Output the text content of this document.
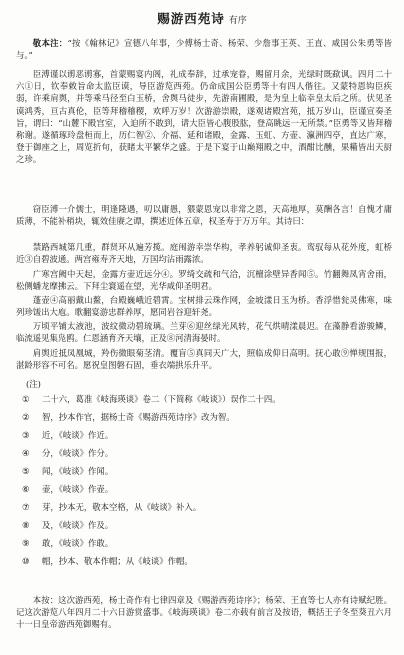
赐游西苑诗 有序

敬本注：“按《翰林记》宣德八年事，少傅杨士奇、杨荣、少詹事王英、王直、咸国公朱勇等皆与。”

臣溥谨以谫恶谫寡，首蒙赐宴内阁，礼成奉辞，过承宠眷，赐留月余，光绿时既歃讽。四月二十六①日，钦奉敕旨命太监臣谟，导臣游览西苑。仍命成国公臣勇等十有四人偕往。又蒙特恩钩臣疾弱，许乘肩舆，并等乘马径至白玉桥，舍舆马徒步，先游南圃殿，是为皇上临幸皇太后之所。伏见圣谟鸿秀，亘古真伦，臣等拜稽稽稷，欢呼万岁！次游游崇殿，遂观诸殿宫苑，抵万岁山，臣谨宣奏圣旨，谓曰：“山麓下殿宫室，入迫所不敢到，请大臣皆心腹股肱，登高眺远一无所禁。”臣勇等又皆拜稽称谢。遂循琢玲盘桓而上，历仁智②、介福、延和诸殿，金露、玉虹、方壶、瀛洲四亭，直达广寒，登于御座之上，周览折旬，获睹太平繁华之盛。于是下宴于山巅翔殿之中，酒酣比醺，果糒皆出天厨之珍。

窃臣溥一介儒士，明逢隆遇，叨以庸愚，猥蒙恩宠以非常之恩，天高地厚，莫酬各言！自愧才庸质薄，不能补稍块，辄效佳赓之谭，撰述近体五章，权圣寿于万万年。其诗曰：

禁路西城第几重，群贤环从遍芳揽。庭闱游幸崇华构，孝养躬诚仰圣衷。鸾驭每从花外度，虹桥近③自碧波通。两宫雍寿齐天地，万国均沾雨露浓。

广寒宫阙中天起，金露方壶近远分④。罗绮交疏和气洽，沉檀涂壁异香闻⑤。竹翻舞凤宵舍雨，松侧蟠龙摩拂云。下拜尘寰遥在望，光华咸仰圣明君。

蓬壶④高丽戴山鳌，台殿巍峨近碧霄。宝树排云珠作网，金坡漾日玉为桥。香浮惜瓮灵佛寒，味列珍馐出大庖。歌翻宴游忠群养厚，愿同岩谷迎轩尧。

万顷平铺太液池，波纹微动碧琉璃。兰芽⑥迎丝绿光风转，花气烘晴漾晨迟。在藻静看游骏鳞，临流遥见集凫鸥。仁恩涵育齐天壤，正及⑧河清海晏时。

肩舆近抵凤凰城，羚伤微眼菊茎清。覆盲⑤真同天广大，照临成仰日高明。抚心敢⑨惮规围报，湛龄形容不可名。愿祝皇图磐石固，垂衣端拱乐升平。

(注)
① 二十六，葛准《岐海瑛谈》卷二（下简称《岐谈》）误作二十四。
② 智，抄本作官，据杨士奇《赐游西苑诗序》改为智。
③ 近，《岐谈》作近。
④ 分，《岐谈》作分。
⑤ 闻，《岐谈》作闻。
⑥ 壶，《岐谈》作壶。
⑦ 芽，抄本无，敬本空格，从《岐谈》补入。
⑧ 及，《岐谈》作及。
⑨ 敢，《岐谈》作敢。
⑩ 帽，抄本、敬本作帽；从《岐谈》作帽。

本按：这次游西苑，杨士奇作有七律四章及《赐游西苑诗序》；杨荣、王直等七人亦有诗赋纪胜。记这次游览八年四月二十六日游赏盛事。《岐海瑛谈》卷二亦载有前言及按语，概括王子冬至葵丑六月十一日皇帝游西苑御赐有。
